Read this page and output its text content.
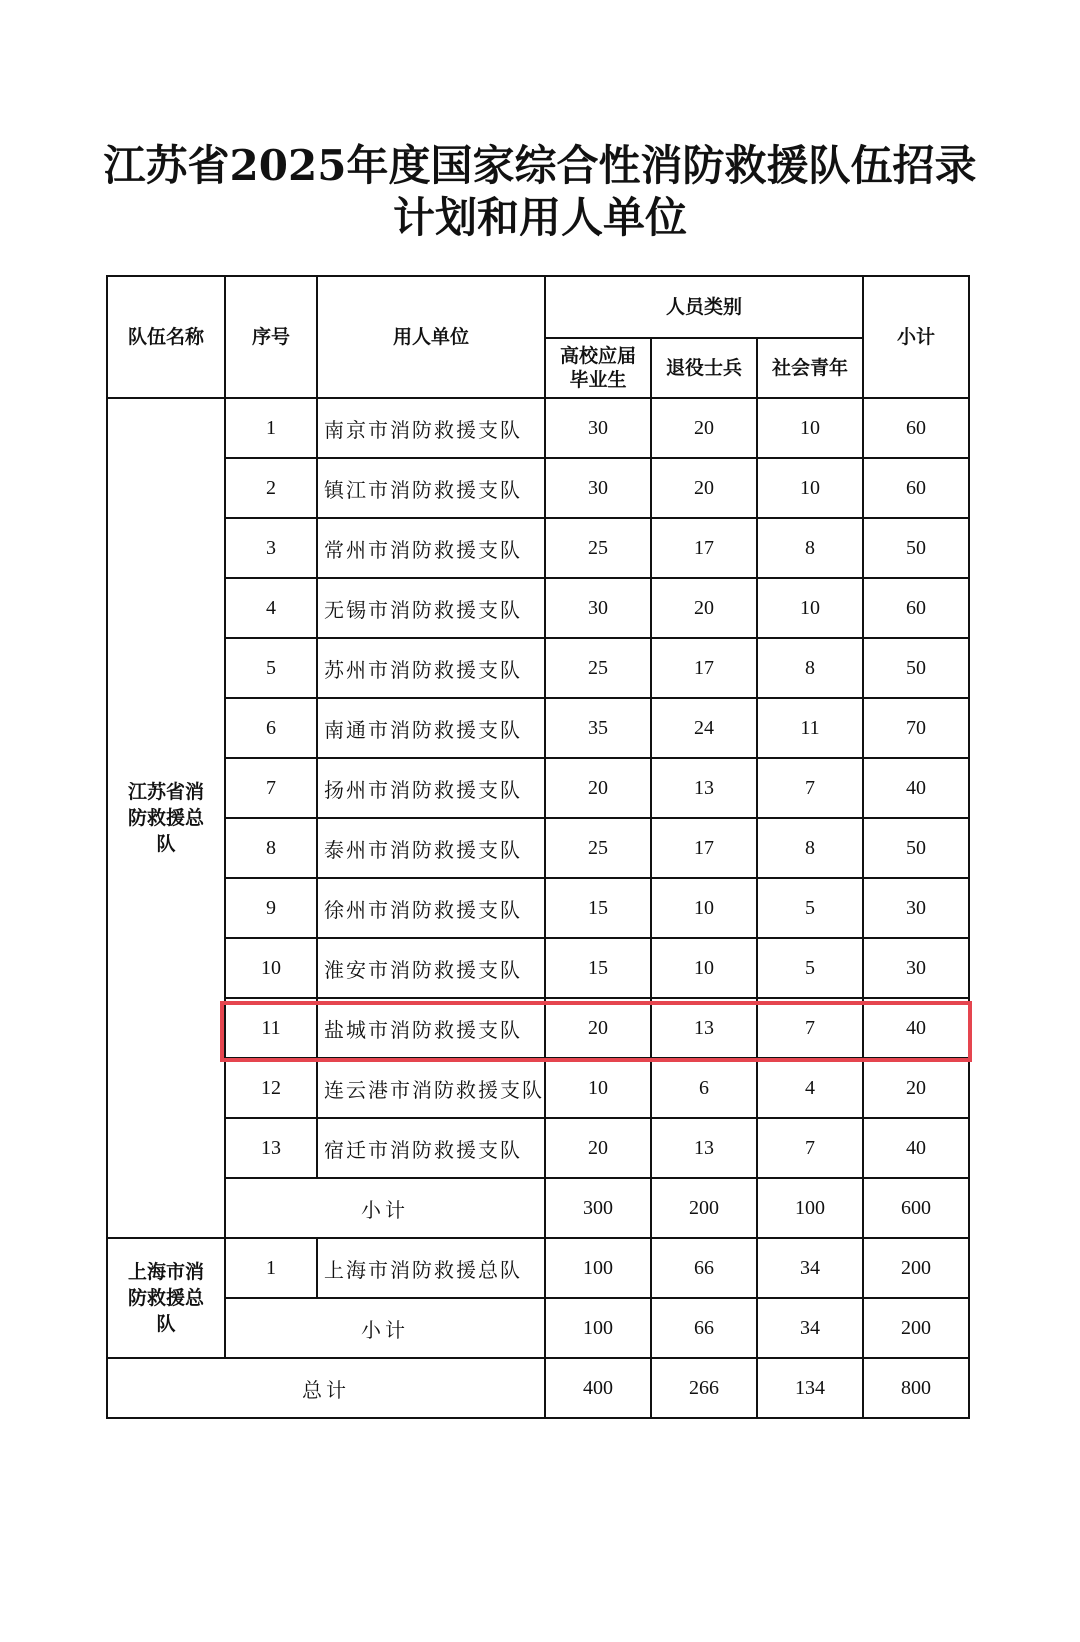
江苏省2025年度国家综合性消防救援队伍招录计划和用人单位
队伍名称	序号	用人单位	人员类别			小计

			高校应届毕业生	退役士兵	社会青年	

江苏省消防救援总队	1	南京市消防救援支队	30	20	10	60
	2	镇江市消防救援支队	30	20	10	60
	3	常州市消防救援支队	25	17	8	50
	4	无锡市消防救援支队	30	20	10	60
	5	苏州市消防救援支队	25	17	8	50
	6	南通市消防救援支队	35	24	11	70
	7	扬州市消防救援支队	20	13	7	40
	8	泰州市消防救援支队	25	17	8	50
	9	徐州市消防救援支队	15	10	5	30
	10	淮安市消防救援支队	15	10	5	30
	11	盐城市消防救援支队	20	13	7	40
	12	连云港市消防救援支队	10	6	4	20
	13	宿迁市消防救援支队	20	13	7	40
	小计		300	200	100	600

上海市消防救援总队	1	上海市消防救援总队	100	66	34	200
	小计		100	66	34	200
总计			400	266	134	800
